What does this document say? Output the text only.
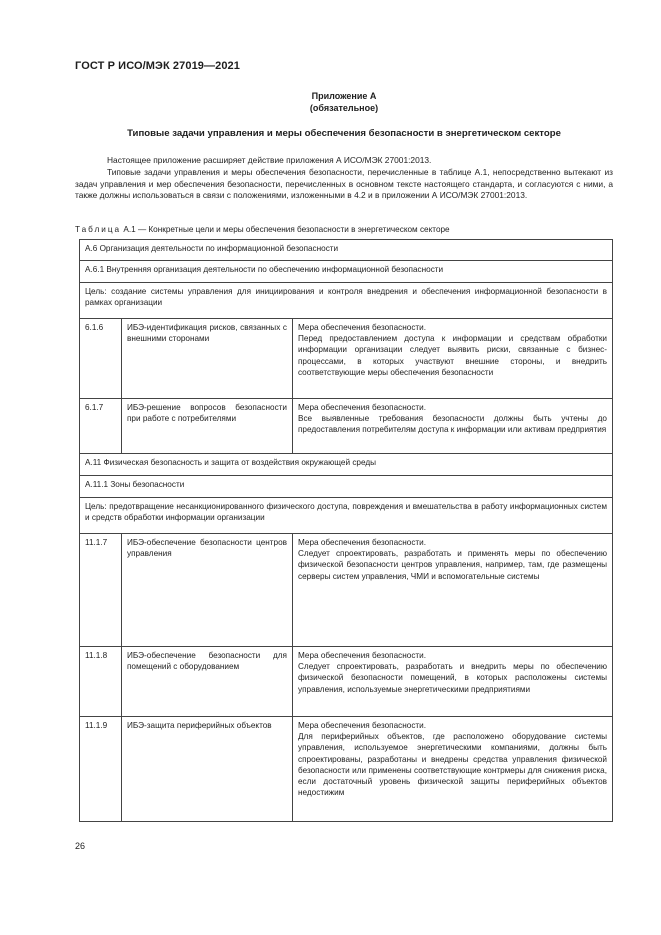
ГОСТ Р ИСО/МЭК 27019—2021
Приложение А
(обязательное)
Типовые задачи управления и меры обеспечения безопасности в энергетическом секторе
Настоящее приложение расширяет действие приложения А ИСО/МЭК 27001:2013.
Типовые задачи управления и меры обеспечения безопасности, перечисленные в таблице А.1, непосредственно вытекают из задач управления и мер обеспечения безопасности, перечисленных в основном тексте настоящего стандарта, и согласуются с ними, а также должны использоваться в связи с положениями, изложенными в 4.2 и в приложении А ИСО/МЭК 27001:2013.
Таблица А.1 — Конкретные цели и меры обеспечения безопасности в энергетическом секторе
А.6 Организация деятельности по информационной безопасности		
А.6.1 Внутренняя организация деятельности по обеспечению информационной безопасности		
Цель: создание системы управления для инициирования и контроля внедрения и обеспечения информационной безопасности в рамках организации		
6.1.6	ИБЭ-идентификация рисков, связанных с внешними сторонами	Мера обеспечения безопасности.
Перед предоставлением доступа к информации и средствам обработки информации организации следует выявить риски, связанные с бизнес-процессами, в которых участвуют внешние стороны, и внедрить соответствующие меры обеспечения безопасности

6.1.7	ИБЭ-решение вопросов безопасности при работе с потребителями	Мера обеспечения безопасности.
Все выявленные требования безопасности должны быть учтены до предоставления потребителям доступа к информации или активам предприятия

А.11 Физическая безопасность и защита от воздействия окружающей среды		
А.11.1 Зоны безопасности		
Цель: предотвращение несанкционированного физического доступа, повреждения и вмешательства в работу информационных систем и средств обработки информации организации		
11.1.7	ИБЭ-обеспечение безопасности центров управления	Мера обеспечения безопасности.
Следует спроектировать, разработать и применять меры по обеспечению физической безопасности центров управления, например, там, где размещены серверы систем управления, ЧМИ и вспомогательные системы

11.1.8	ИБЭ-обеспечение безопасности для помещений с оборудованием	Мера обеспечения безопасности.
Следует спроектировать, разработать и внедрить меры по обеспечению физической безопасности помещений, в которых расположены системы управления, используемые энергетическими предприятиями

11.1.9	ИБЭ-защита периферийных объектов	Мера обеспечения безопасности.
Для периферийных объектов, где расположено оборудование системы управления, используемое энергетическими компаниями, должны быть спроектированы, разработаны и внедрены средства управления физической безопасности или применены соответствующие контрмеры для снижения риска, если достаточный уровень физической защиты периферийных объектов недостижим
26
